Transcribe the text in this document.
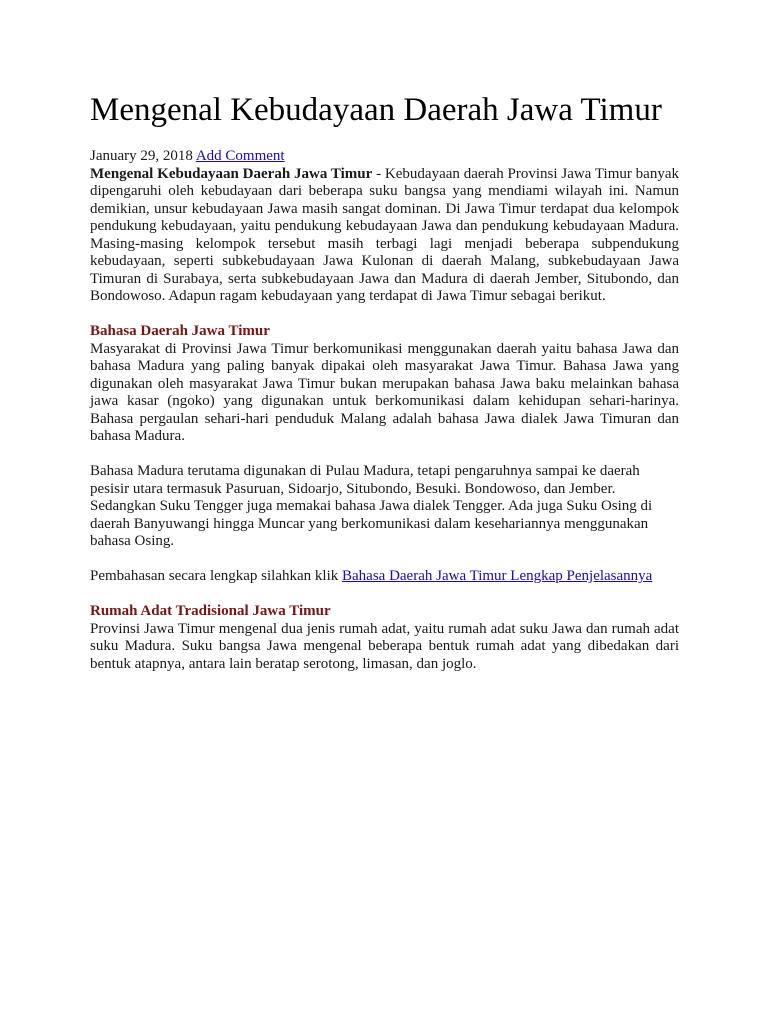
Mengenal Kebudayaan Daerah Jawa Timur
January 29, 2018 Add Comment

Mengenal Kebudayaan Daerah Jawa Timur - Kebudayaan daerah Provinsi Jawa Timur banyak dipengaruhi oleh kebudayaan dari beberapa suku bangsa yang mendiami wilayah ini. Namun demikian, unsur kebudayaan Jawa masih sangat dominan. Di Jawa Timur terdapat dua kelompok pendukung kebudayaan, yaitu pendukung kebudayaan Jawa dan pendukung kebudayaan Madura. Masing-masing kelompok tersebut masih terbagi lagi menjadi beberapa subpendukung kebudayaan, seperti subkebudayaan Jawa Kulonan di daerah Malang, subkebudayaan Jawa Timuran di Surabaya, serta subkebudayaan Jawa dan Madura di daerah Jember, Situbondo, dan Bondowoso. Adapun ragam kebudayaan yang terdapat di Jawa Timur sebagai berikut.

Bahasa Daerah Jawa Timur

Masyarakat di Provinsi Jawa Timur berkomunikasi menggunakan daerah yaitu bahasa Jawa dan bahasa Madura yang paling banyak dipakai oleh masyarakat Jawa Timur. Bahasa Jawa yang digunakan oleh masyarakat Jawa Timur bukan merupakan bahasa Jawa baku melainkan bahasa jawa kasar (ngoko) yang digunakan untuk berkomunikasi dalam kehidupan sehari-harinya. Bahasa pergaulan sehari-hari penduduk Malang adalah bahasa Jawa dialek Jawa Timuran dan bahasa Madura.

Bahasa Madura terutama digunakan di Pulau Madura, tetapi pengaruhnya sampai ke daerah pesisir utara termasuk Pasuruan, Sidoarjo, Situbondo, Besuki. Bondowoso, dan Jember. Sedangkan Suku Tengger juga memakai bahasa Jawa dialek Tengger. Ada juga Suku Osing di daerah Banyuwangi hingga Muncar yang berkomunikasi dalam kesehariannya menggunakan bahasa Osing.

Pembahasan secara lengkap silahkan klik Bahasa Daerah Jawa Timur Lengkap Penjelasannya

Rumah Adat Tradisional Jawa Timur

Provinsi Jawa Timur mengenal dua jenis rumah adat, yaitu rumah adat suku Jawa dan rumah adat suku Madura. Suku bangsa Jawa mengenal beberapa bentuk rumah adat yang dibedakan dari bentuk atapnya, antara lain beratap serotong, limasan, dan joglo.
